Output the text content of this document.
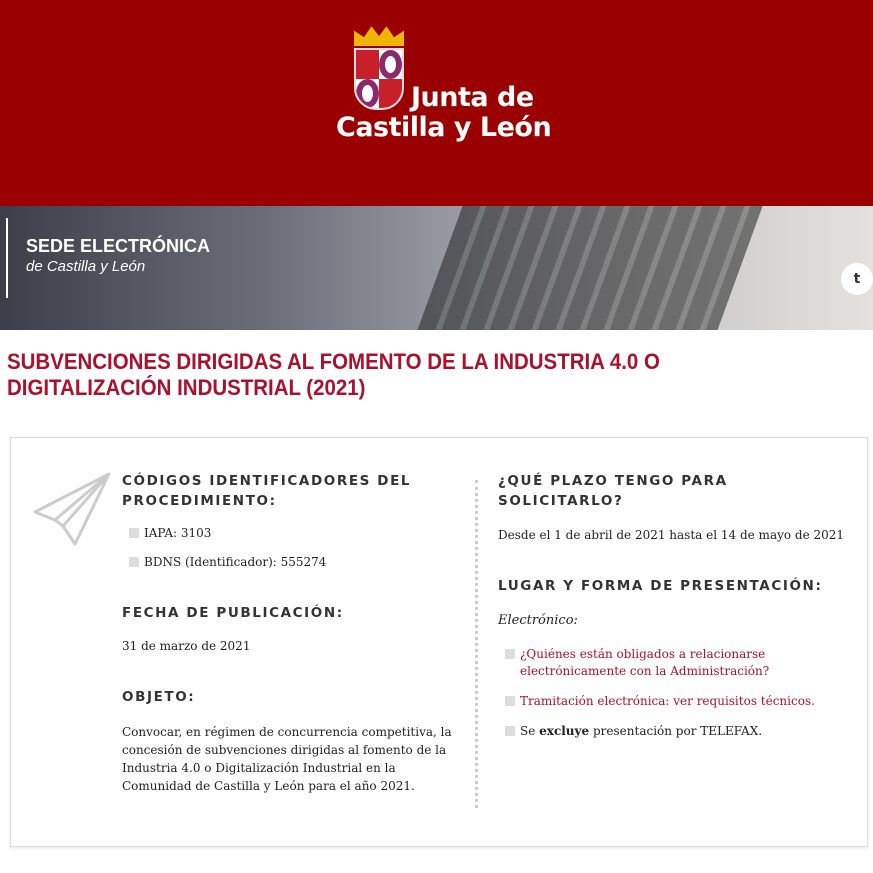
Junta de
Castilla y León
SEDE ELECTRÓNICA
de Castilla y León
t
SUBVENCIONES DIRIGIDAS AL FOMENTO DE LA INDUSTRIA 4.0 O DIGITALIZACIÓN INDUSTRIAL (2021)
CÓDIGOS IDENTIFICADORES DEL PROCEDIMIENTO:
IAPA: 3103
BDNS (Identificador): 555274
FECHA DE PUBLICACIÓN:
31 de marzo de 2021
OBJETO:
Convocar, en régimen de concurrencia competitiva, la concesión de subvenciones dirigidas al fomento de la Industria 4.0 o Digitalización Industrial en la Comunidad de Castilla y León para el año 2021.
¿QUÉ PLAZO TENGO PARA SOLICITARLO?
Desde el 1 de abril de 2021 hasta el 14 de mayo de 2021
LUGAR Y FORMA DE PRESENTACIÓN:
Electrónico:
¿Quiénes están obligados a relacionarse electrónicamente con la Administración?
Tramitación electrónica: ver requisitos técnicos.
Se excluye presentación por TELEFAX.
